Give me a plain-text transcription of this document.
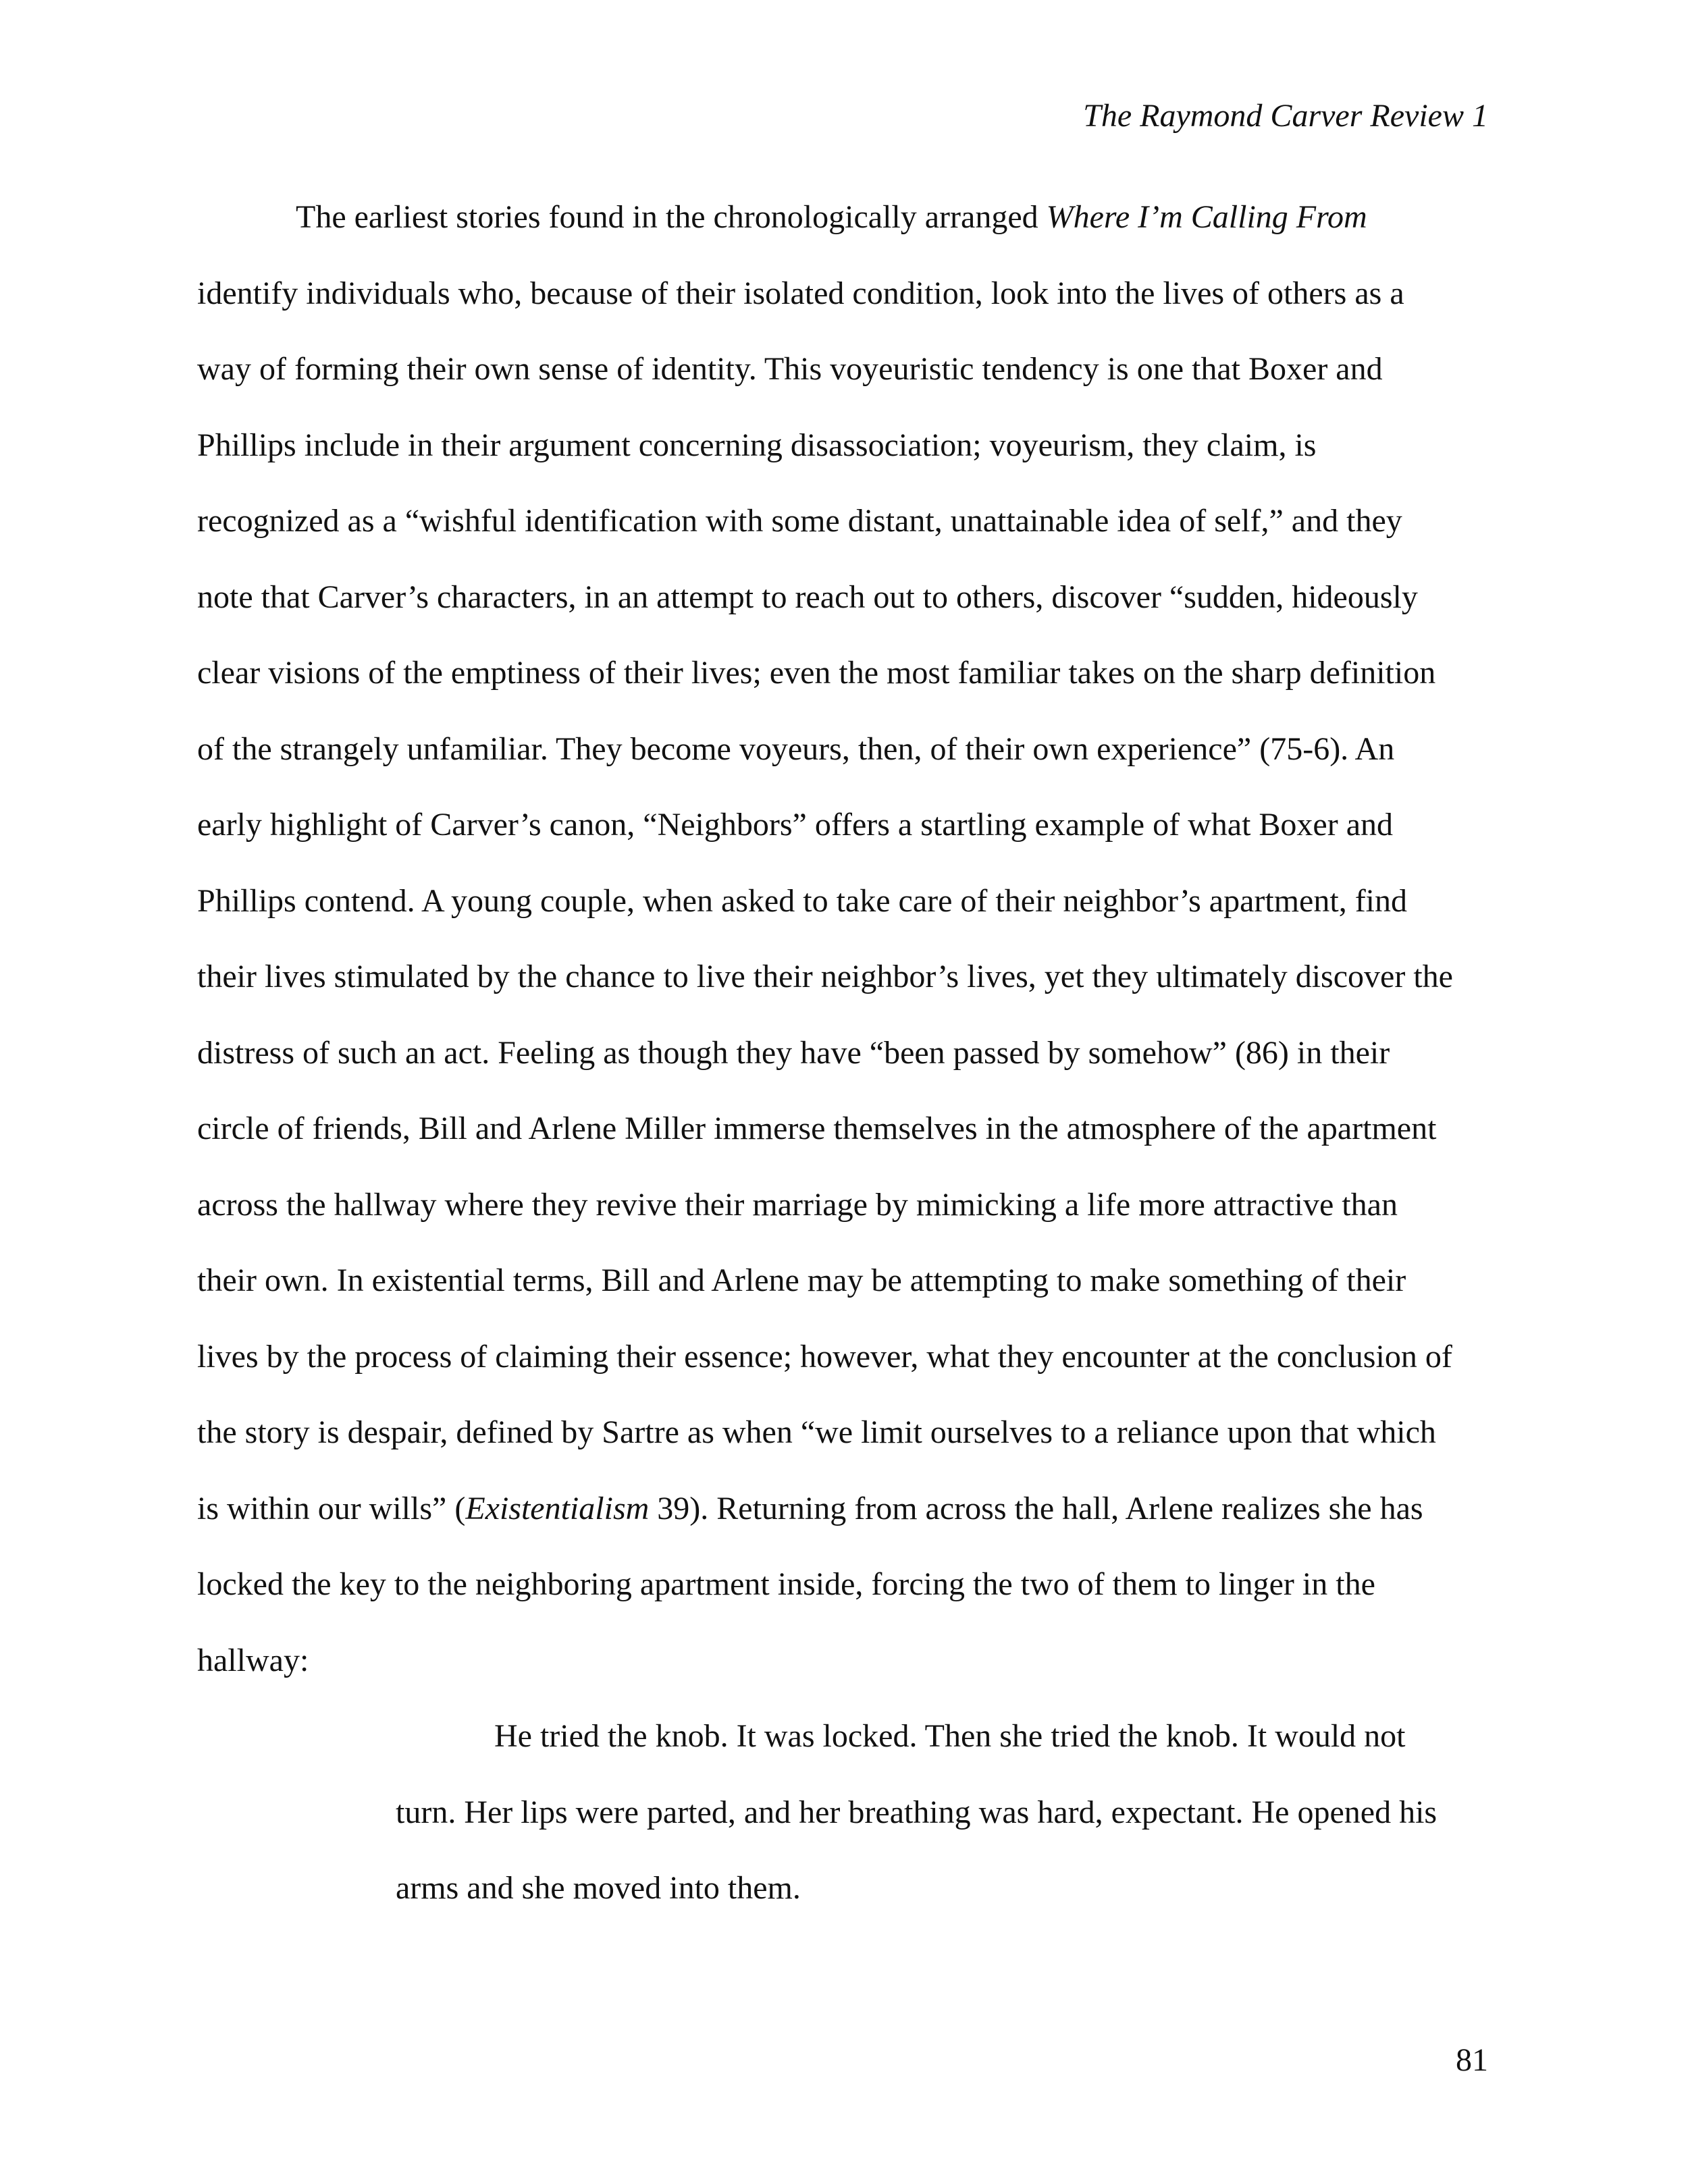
The Raymond Carver Review 1
The earliest stories found in the chronologically arranged Where I’m Calling From
identify individuals who, because of their isolated condition, look into the lives of others as a
way of forming their own sense of identity. This voyeuristic tendency is one that Boxer and
Phillips include in their argument concerning disassociation; voyeurism, they claim, is
recognized as a “wishful identification with some distant, unattainable idea of self,” and they
note that Carver’s characters, in an attempt to reach out to others, discover “sudden, hideously
clear visions of the emptiness of their lives; even the most familiar takes on the sharp definition
of the strangely unfamiliar. They become voyeurs, then, of their own experience” (75-6). An
early highlight of Carver’s canon, “Neighbors” offers a startling example of what Boxer and
Phillips contend. A young couple, when asked to take care of their neighbor’s apartment, find
their lives stimulated by the chance to live their neighbor’s lives, yet they ultimately discover the
distress of such an act. Feeling as though they have “been passed by somehow” (86) in their
circle of friends, Bill and Arlene Miller immerse themselves in the atmosphere of the apartment
across the hallway where they revive their marriage by mimicking a life more attractive than
their own. In existential terms, Bill and Arlene may be attempting to make something of their
lives by the process of claiming their essence; however, what they encounter at the conclusion of
the story is despair, defined by Sartre as when “we limit ourselves to a reliance upon that which
is within our wills” (Existentialism 39). Returning from across the hall, Arlene realizes she has
locked the key to the neighboring apartment inside, forcing the two of them to linger in the
hallway:
He tried the knob. It was locked. Then she tried the knob. It would not
turn. Her lips were parted, and her breathing was hard, expectant. He opened his
arms and she moved into them.
81
